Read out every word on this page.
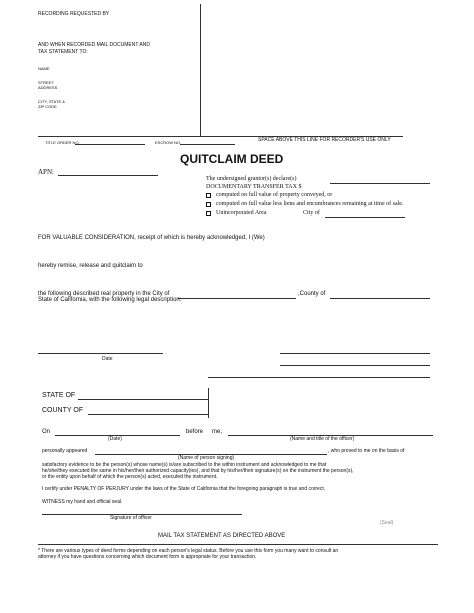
RECORDING REQUESTED BY
AND WHEN RECORDED MAIL DOCUMENT AND
TAX STATEMENT TO:
NAME
STREET
ADDRESS
CITY, STATE &
ZIP CODE
TITLE ORDER NO.	ESCROW NO.	SPACE ABOVE THIS LINE FOR RECORDER'S USE ONLY
QUITCLAIM DEED
APN:
The undersigned grantor(s) declare(s)
DOCUMENTARY TRANSFER TAX $
computed on full value of property conveyed, or
computed on full value less liens and encumbrances remaining at time of sale.
Unincorporated Area	City of
FOR VALUABLE CONSIDERATION, receipt of which is hereby acknowledged, I (We)
hereby remise, release and quitclaim to
the following described real property in the City of	,County of
State of California, with the following legal description:
Date
STATE OF
COUNTY OF
On	before me,
(Date)	(Name and title of the officer)
personally appeared	, who proved to me on the basis of
(Name of person signing)
satisfactory evidence to be the person(s) whose name(s) is/are subscribed to the within instrument and acknowledged to me that
he/she/they executed the same in his/her/their authorized capacity(ies), and that by his/her/their signature(s) on the instrument the person(s),
or the entity upon behalf of which the person(s) acted, executed the instrument.
I certify under PENALTY OF PERJURY under the laws of the State of California that the foregoing paragraph is true and correct.
WITNESS my hand and official seal.
Signature of officer
(Seal)
MAIL TAX STATEMENT AS DIRECTED ABOVE
* There are various types of deed forms depending on each person's legal status. Before you use this form you many want to consult an
attorney if you have questions concerning which document form is appropriate for your transaction.
